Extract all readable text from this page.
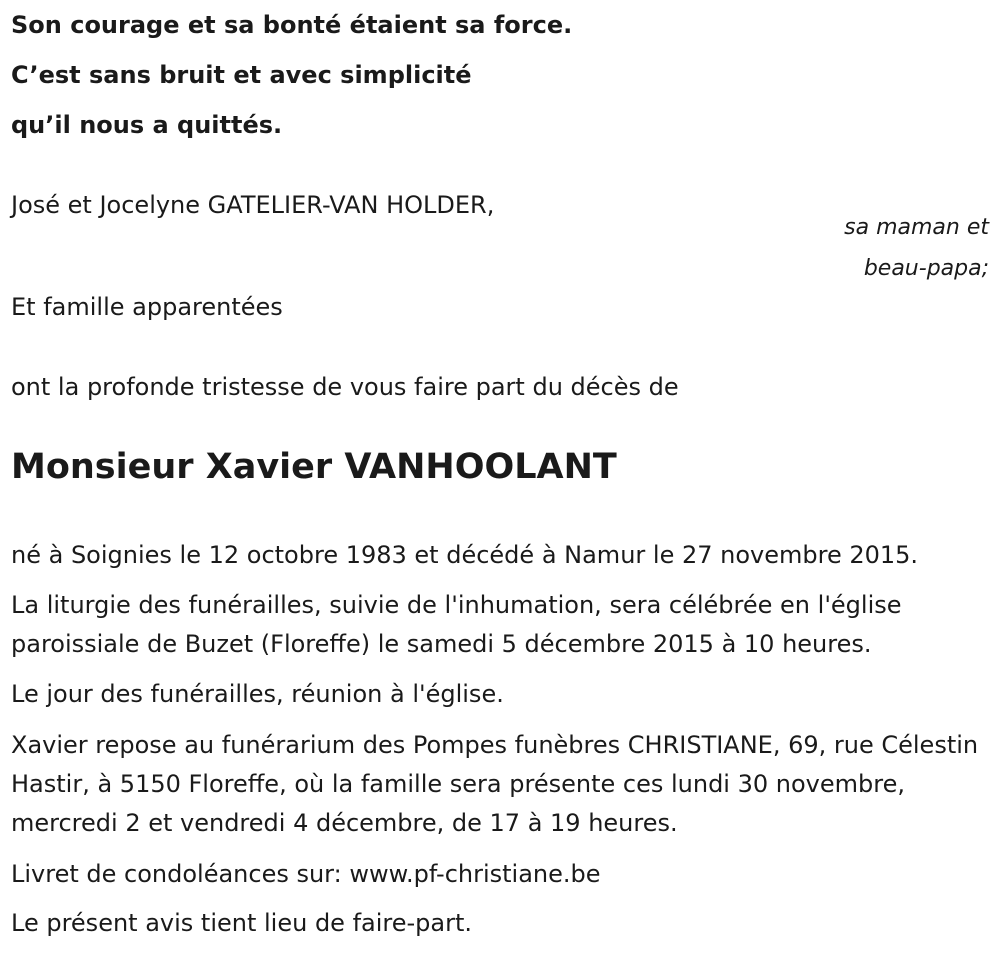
Son courage et sa bonté étaient sa force.
C’est sans bruit et avec simplicité
qu’il nous a quittés.
José et Jocelyne GATELIER-VAN HOLDER,
sa maman et
beau-papa;
Et famille apparentées
ont la profonde tristesse de vous faire part du décès de
Monsieur Xavier VANHOOLANT
né à Soignies le 12 octobre 1983 et décédé à Namur le 27 novembre 2015.
La liturgie des funérailles, suivie de l'inhumation, sera célébrée en l'église paroissiale de Buzet (Floreffe) le samedi 5 décembre 2015 à 10 heures.
Le jour des funérailles, réunion à l'église.
Xavier repose au funérarium des Pompes funèbres CHRISTIANE, 69, rue Célestin Hastir, à 5150 Floreffe, où la famille sera présente ces lundi 30 novembre, mercredi 2 et vendredi 4 décembre, de 17 à 19 heures.
Livret de condoléances sur: www.pf-christiane.be
Le présent avis tient lieu de faire-part.
